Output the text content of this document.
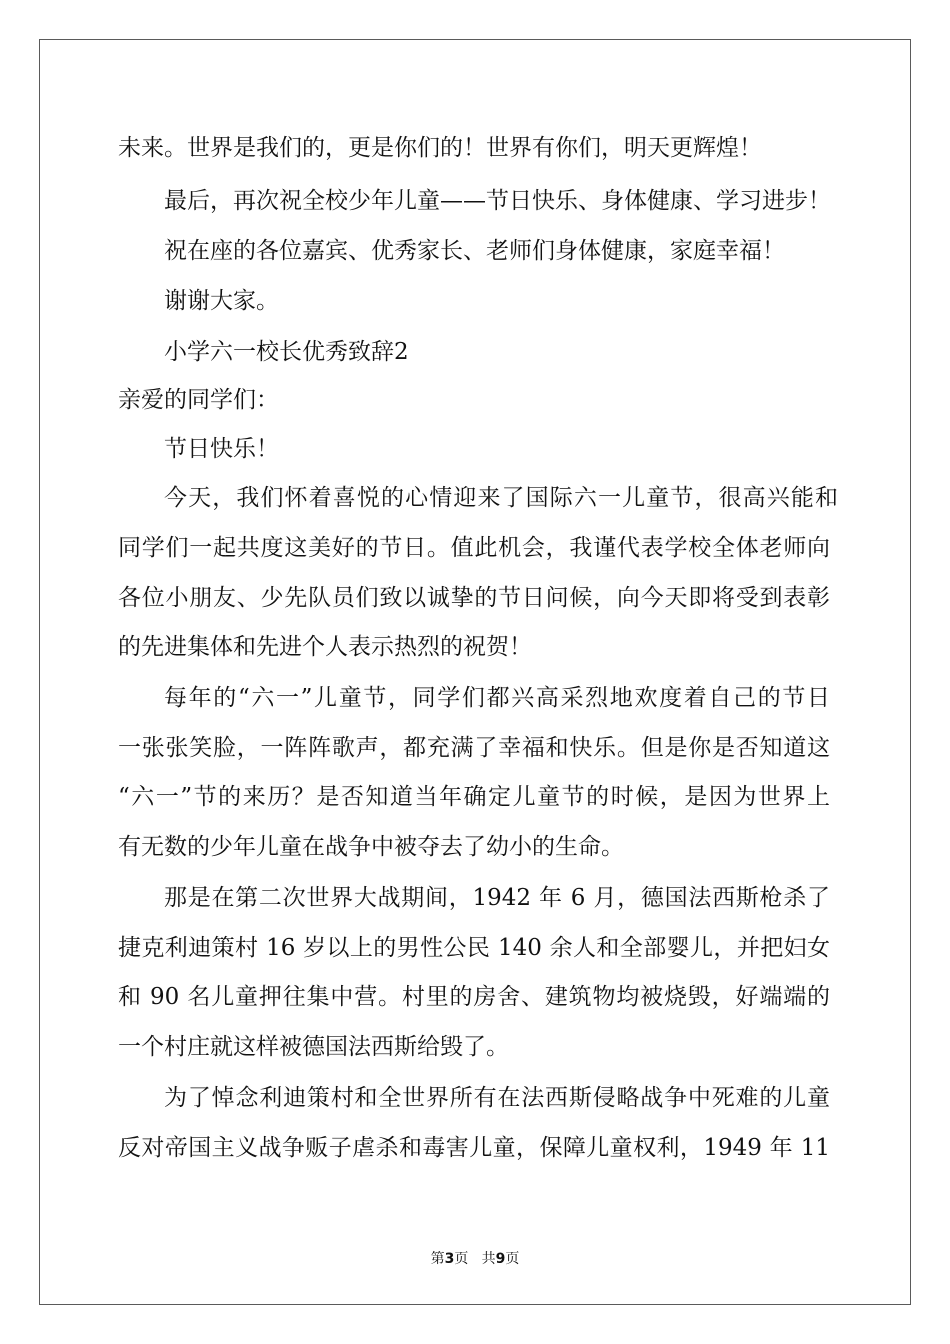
未来。世界是我们的，更是你们的！世界有你们，明天更辉煌！

最后，再次祝全校少年儿童——节日快乐、身体健康、学习进步！

祝在座的各位嘉宾、优秀家长、老师们身体健康，家庭幸福！

谢谢大家。

小学六一校长优秀致辞2

亲爱的同学们：

节日快乐！

今天，我们怀着喜悦的心情迎来了国际六一儿童节，很高兴能和

同学们一起共度这美好的节日。值此机会，我谨代表学校全体老师向

各位小朋友、少先队员们致以诚挚的节日问候，向今天即将受到表彰

的先进集体和先进个人表示热烈的祝贺！

每年的“六一”儿童节，同学们都兴高采烈地欢度着自己的节日

一张张笑脸，一阵阵歌声，都充满了幸福和快乐。但是你是否知道这

“六一”节的来历？是否知道当年确定儿童节的时候，是因为世界上

有无数的少年儿童在战争中被夺去了幼小的生命。

那是在第二次世界大战期间，1942 年 6 月，德国法西斯枪杀了

捷克利迪策村 16 岁以上的男性公民 140 余人和全部婴儿，并把妇女

和 90 名儿童押往集中营。村里的房舍、建筑物均被烧毁，好端端的

一个村庄就这样被德国法西斯给毁了。

为了悼念利迪策村和全世界所有在法西斯侵略战争中死难的儿童

反对帝国主义战争贩子虐杀和毒害儿童，保障儿童权利，1949 年 11

第3页   共9页
